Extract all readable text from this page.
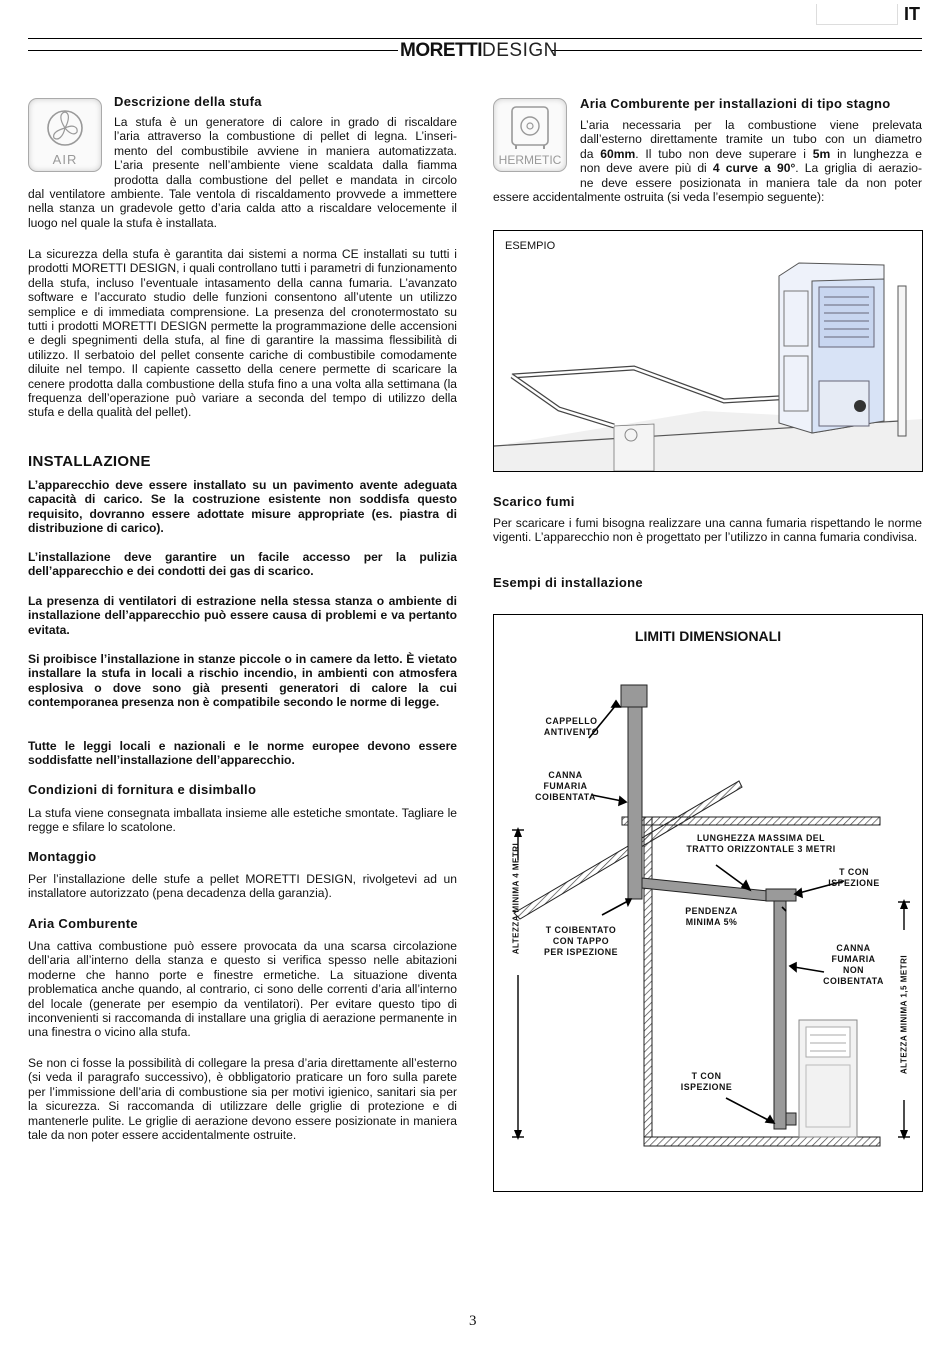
IT
MORETTIDESIGN
AIR
Descrizione della stufa
La stufa è un generatore di calore in grado di riscaldare
l’aria attraverso la combustione di pellet di legna. L’inseri-
mento del combustibile avviene in maniera automatizzata.
L’aria presente nell’ambiente viene scaldata dalla fiamma
prodotta dalla combustione del pellet e mandata in circolo

dal ventilatore ambiente. Tale ventola di riscaldamento provvede a immettere nella stanza un gradevole getto d’aria calda atto a riscaldare velocemente il luogo nel quale la stufa è installata.

La sicurezza della stufa è garantita dai sistemi a norma CE installati su tutti i prodotti MORETTI DESIGN, i quali controllano tutti i parametri di funzionamento della stufa, incluso l’eventuale intasamento della canna fumaria. L’avanzato software e l’accurato studio delle funzioni consentono all’utente un utilizzo semplice e di immediata comprensione. La presenza del cronotermostato su tutti i prodotti MORETTI DESIGN permette la programmazione delle accensioni e degli spegnimenti della stufa, al fine di garantire la massima flessibilità di utilizzo. Il serbatoio del pellet consente cariche di combustibile comodamente diluite nel tempo. Il capiente cassetto della cenere permette di scaricare la cenere prodotta dalla combustione della stufa fino a una volta alla settimana (la frequenza dell’operazione può variare a seconda del tempo di utilizzo della stufa e della qualità del pellet).

INSTALLAZIONE

L’apparecchio deve essere installato su un pavimento avente adeguata capacità di carico. Se la costruzione esistente non soddisfa questo requisito, dovranno essere adottate misure appropriate (es. piastra di distribuzione di carico).

L’installazione deve garantire un facile accesso per la pulizia dell’apparecchio e dei condotti dei gas di scarico.

La presenza di ventilatori di estrazione nella stessa stanza o ambiente di installazione dell’apparecchio può essere causa di problemi e va pertanto evitata.

Si proibisce l’installazione in stanze piccole o in camere da letto. È vietato installare la stufa in locali a rischio incendio, in ambienti con atmosfera esplosiva o dove sono già presenti generatori di calore la cui contemporanea presenza non è compatibile secondo le norme di legge.

Tutte le leggi locali e nazionali e le norme europee devono essere soddisfatte nell’installazione dell’apparecchio.

Condizioni di fornitura e disimballo

La stufa viene consegnata imballata insieme alle estetiche smontate. Tagliare le regge e sfilare lo scatolone.

Montaggio

Per l’installazione delle stufe a pellet MORETTI DESIGN, rivolgetevi ad un installatore autorizzato (pena decadenza della garanzia).

Aria Comburente

Una cattiva combustione può essere provocata da una scarsa circolazione dell’aria all’interno della stanza e questo si verifica spesso nelle abitazioni moderne che hanno porte e finestre ermetiche. La situazione diventa problematica anche quando, al contrario, ci sono delle correnti d’aria all’interno del locale (generate per esempio da ventilatori). Per evitare questo tipo di inconvenienti si raccomanda di installare una griglia di aerazione permanente in una finestra o vicino alla stufa.

Se non ci fosse la possibilità di collegare la presa d’aria direttamente all’esterno (si veda il paragrafo successivo), è obbligatorio praticare un foro sulla parete per l’immissione dell’aria di combustione sia per motivi igienico, sanitari sia per la sicurezza. Si raccomanda di utilizzare delle griglie di protezione e di mantenerle pulite. Le griglie di aerazione devono essere posizionate in maniera tale da non poter essere accidentalmente ostruite.

HERMETIC
Aria Comburente per installazioni di tipo stagno
L’aria necessaria per la combustione viene prelevata
dall’esterno direttamente tramite un tubo con un diametro
da 60mm. Il tubo non deve superare i 5m in lunghezza e
non deve avere più di 4 curve a 90°. La griglia di aerazio-
ne deve essere posizionata in maniera tale da non poter

essere accidentalmente ostruita (si veda l’esempio seguente):

ESEMPIO
Scarico fumi

Per scaricare i fumi bisogna realizzare una canna fumaria rispettando le norme vigenti. L’apparecchio non è progettato per l’utilizzo in canna fumaria condivisa.

Esempi di installazione
LIMITI DIMENSIONALI
CAPPELLO
ANTIVENTO
CANNA
FUMARIA
COIBENTATA
LUNGHEZZA MASSIMA DEL
TRATTO ORIZZONTALE 3 METRI
T CON
ISPEZIONE
PENDENZA
MINIMA 5%
T COIBENTATO
CON TAPPO
PER ISPEZIONE	CANNA
FUMARIA
NON
COIBENTATA
T CON
ISPEZIONE
ALTEZZA MINIMA 4 METRI
ALTEZZA MINIMA 1,5 METRI
3
